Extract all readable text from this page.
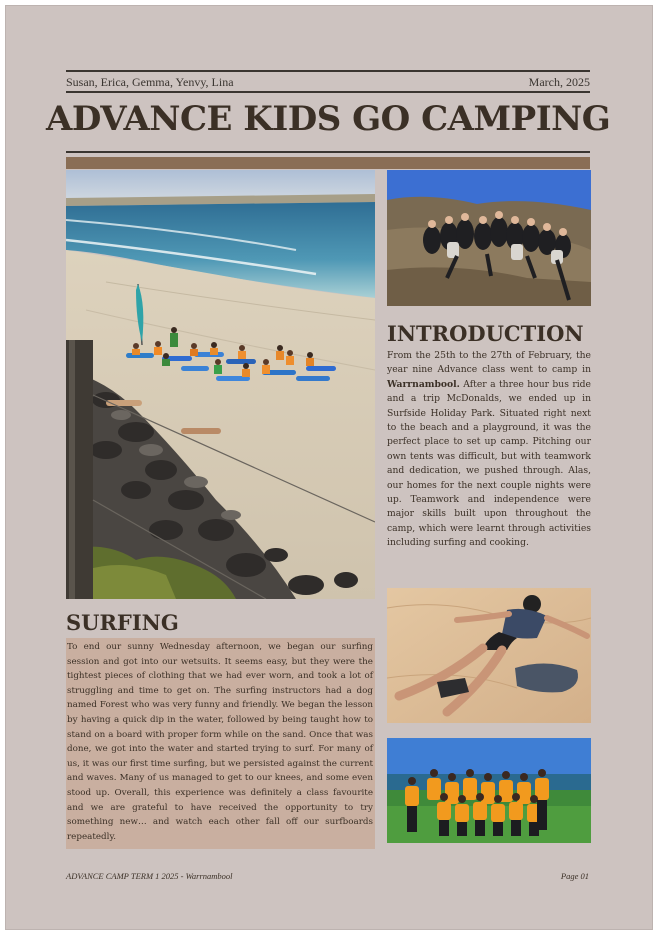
Susan, Erica, Gemma, Yenvy, Lina	March, 2025
ADVANCE KIDS GO CAMPING
INTRODUCTION
From the 25th to the 27th of February, the year nine Advance class went to camp in Warrnambool. After a three hour bus ride and a trip McDonalds, we ended up in Surfside Holiday Park. Situated right next to the beach and a playground, it was the perfect place to set up camp. Pitching our own tents was difficult, but with teamwork and dedication, we pushed through. Alas, our homes for the next couple nights were up. Teamwork and independence were major skills built upon throughout the camp, which were learnt through activities including surfing and cooking.
SURFING
To end our sunny Wednesday afternoon, we began our surfing session and got into our wetsuits. It seems easy, but they were the tightest pieces of clothing that we had ever worn, and took a lot of struggling and time to get on. The surfing instructors had a dog named Forest who was very funny and friendly. We began the lesson by having a quick dip in the water, followed by being taught how to stand on a board with proper form while on the sand. Once that was done, we got into the water and started trying to surf. For many of us, it was our first time surfing, but we persisted against the current and waves. Many of us managed to get to our knees, and some even stood up. Overall, this experience was definitely a class favourite and we are grateful to have received the opportunity to try something new… and watch each other fall off our surfboards repeatedly.
ADVANCE CAMP TERM 1 2025 - Warrnambool	Page 01
